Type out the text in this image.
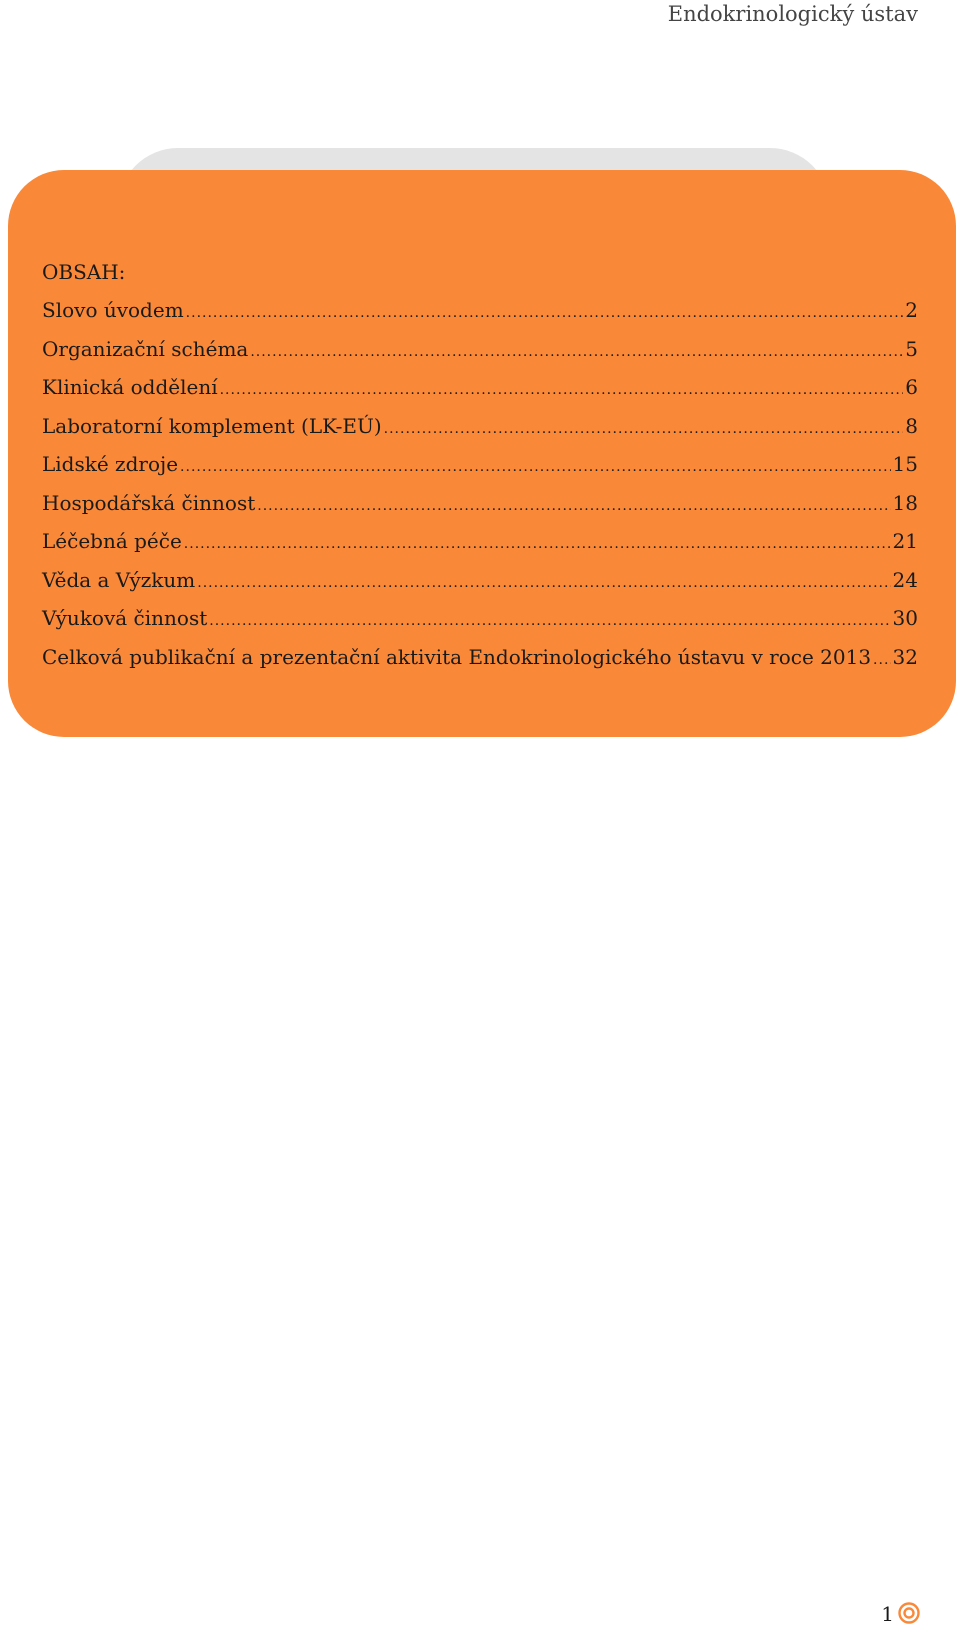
Endokrinologický ústav
OBSAH:
Slovo úvodem .....	2
Organizační schéma .....	5
Klinická oddělení .....	6
Laboratorní komplement (LK-EÚ) .....	8
Lidské zdroje .....	15
Hospodářská činnost .....	18
Léčebná péče .....	21
Věda a Výzkum .....	24
Výuková činnost .....	30
Celková publikační a prezentační aktivita Endokrinologického ústavu v roce 2013 ..... 32
1
